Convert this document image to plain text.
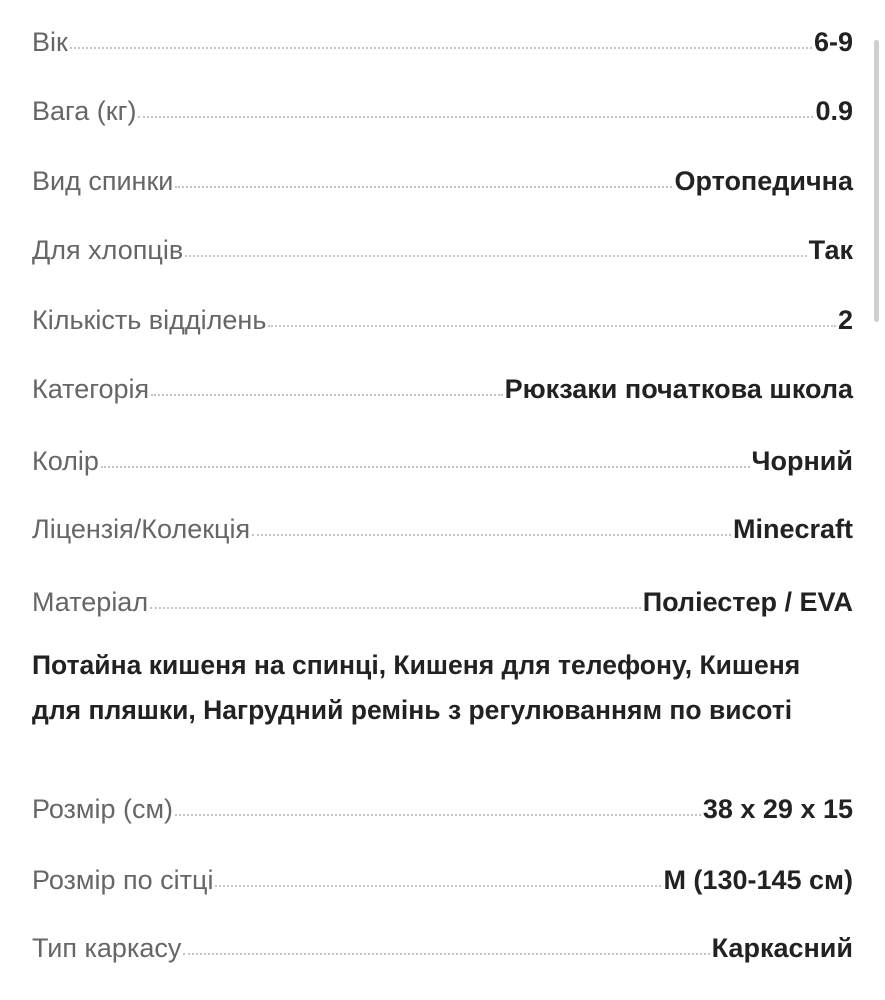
Вік	6-9
Вага (кг)	0.9
Вид спинки	Ортопедична
Для хлопців	Так
Кількість відділень	2
Категорія	Рюкзаки початкова школа
Колір	Чорний
Ліцензія/Колекція	Minecraft
Матеріал	Поліестер / EVA
Розмір (см)	38 x 29 x 15
Розмір по сітці	M (130-145 см)
Тип каркасу	Каркасний
Потайна кишеня на спинці, Кишеня для телефону, Кишеня для пляшки, Нагрудний ремінь з регулюванням по висоті
